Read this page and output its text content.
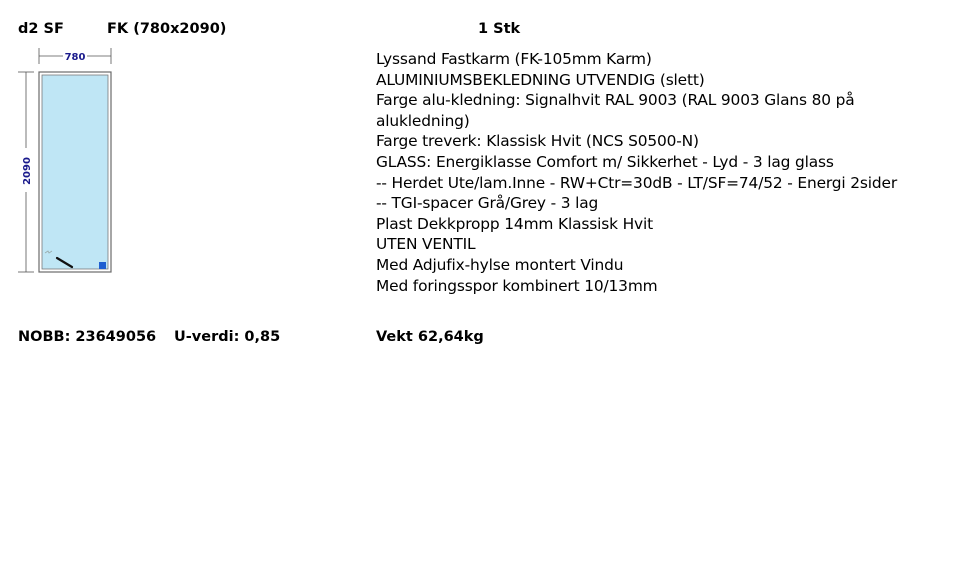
d2 SF	FK (780x2090)	1 Stk
780
2090
Lyssand Fastkarm (FK-105mm Karm)
ALUMINIUMSBEKLEDNING UTVENDIG (slett)
Farge alu-kledning: Signalhvit RAL 9003 (RAL 9003 Glans 80 på alukledning)
Farge treverk: Klassisk Hvit (NCS S0500-N)
GLASS: Energiklasse Comfort m/ Sikkerhet - Lyd - 3 lag glass
-- Herdet Ute/lam.Inne - RW+Ctr=30dB - LT/SF=74/52 - Energi 2sider
-- TGI-spacer Grå/Grey - 3 lag
Plast Dekkpropp 14mm Klassisk Hvit
UTEN VENTIL
Med Adjufix-hylse montert Vindu
Med foringsspor kombinert 10/13mm
NOBB: 23649056 U-verdi: 0,85	Vekt 62,64kg
